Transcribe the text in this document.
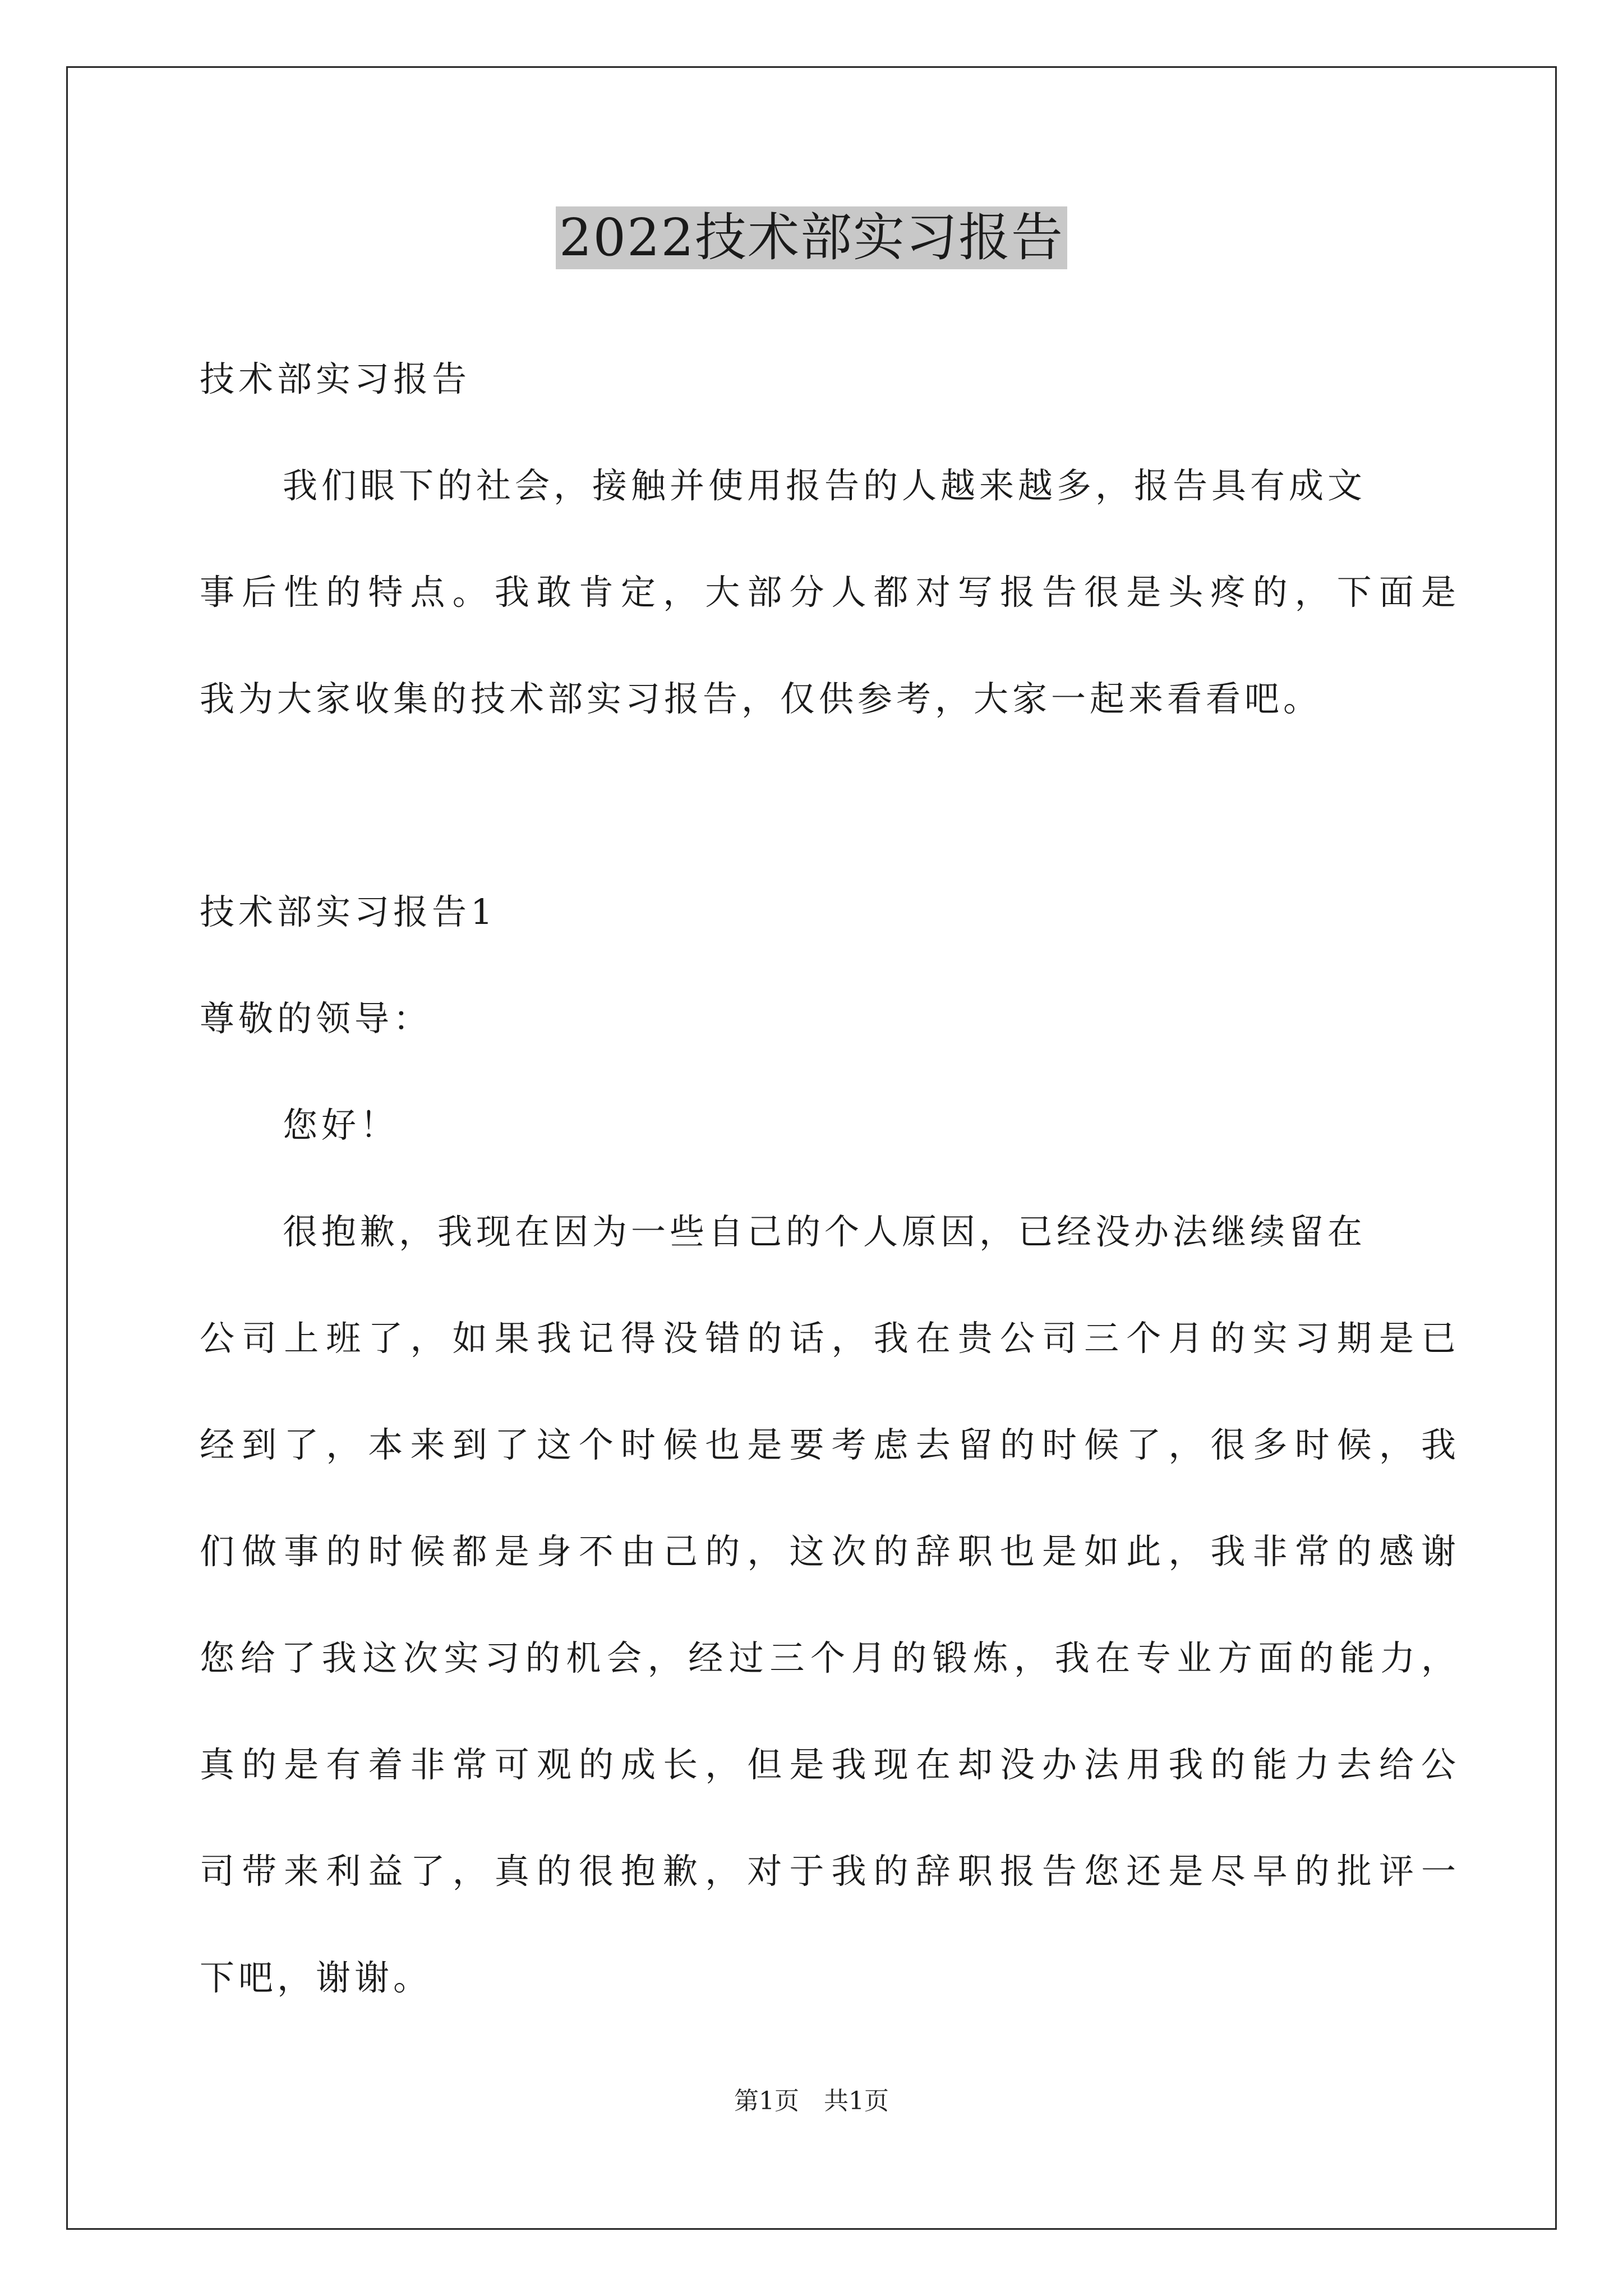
2022技术部实习报告
技术部实习报告
我们眼下的社会，接触并使用报告的人越来越多，报告具有成文
事后性的特点。我敢肯定，大部分人都对写报告很是头疼的，下面是
我为大家收集的技术部实习报告，仅供参考，大家一起来看看吧。
技术部实习报告1
尊敬的领导：
您好！
很抱歉，我现在因为一些自己的个人原因，已经没办法继续留在
公司上班了，如果我记得没错的话，我在贵公司三个月的实习期是已
经到了，本来到了这个时候也是要考虑去留的时候了，很多时候，我
们做事的时候都是身不由己的，这次的辞职也是如此，我非常的感谢
您给了我这次实习的机会，经过三个月的锻炼，我在专业方面的能力，
真的是有着非常可观的成长，但是我现在却没办法用我的能力去给公
司带来利益了，真的很抱歉，对于我的辞职报告您还是尽早的批评一
下吧，谢谢。
第1页　共1页
